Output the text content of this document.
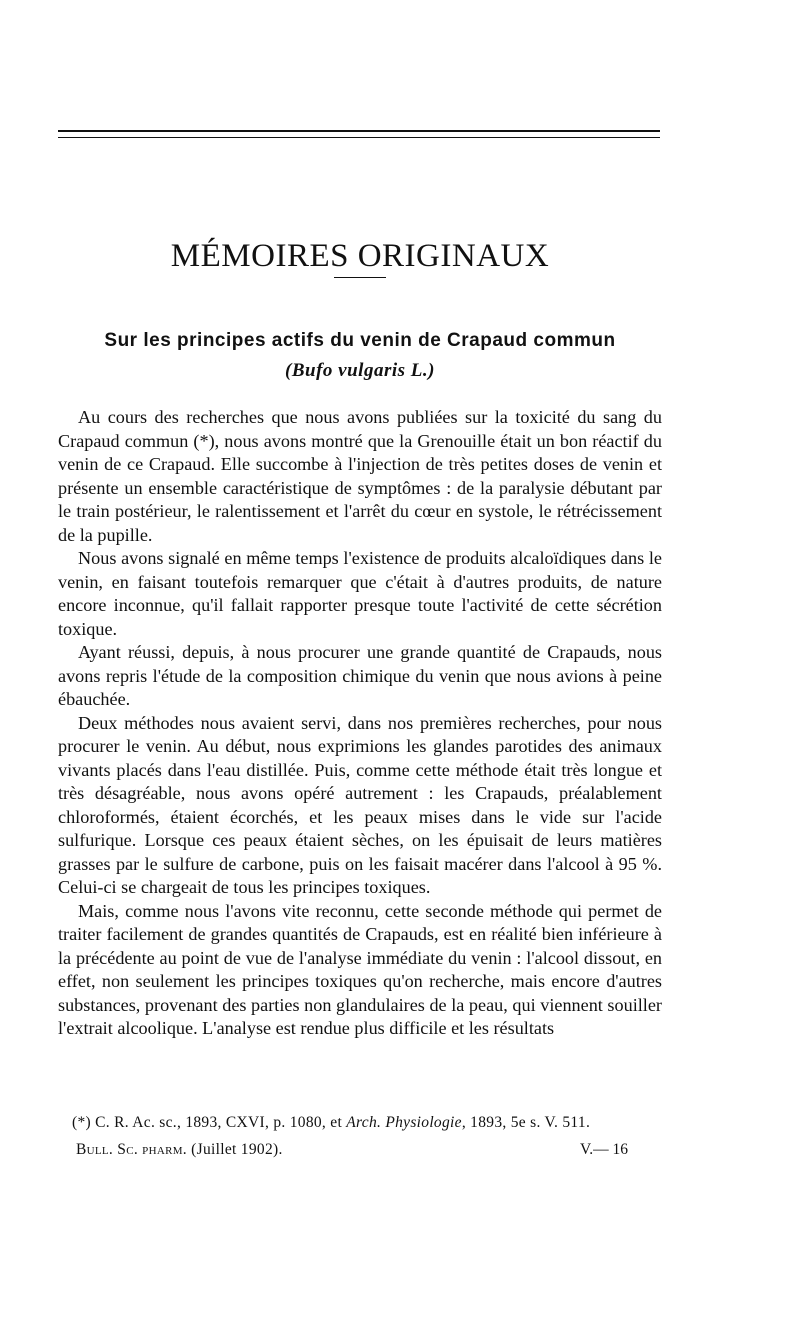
MÉMOIRES ORIGINAUX
Sur les principes actifs du venin de Crapaud commun
(Bufo vulgaris L.)

Au cours des recherches que nous avons publiées sur la toxicité du sang du Crapaud commun (*), nous avons montré que la Grenouille était un bon réactif du venin de ce Crapaud. Elle succombe à l'injection de très petites doses de venin et présente un ensemble caractéristique de symptômes : de la paralysie débutant par le train postérieur, le ralentissement et l'arrêt du cœur en systole, le rétrécissement de la pupille.

Nous avons signalé en même temps l'existence de produits alcaloïdiques dans le venin, en faisant toutefois remarquer que c'était à d'autres produits, de nature encore inconnue, qu'il fallait rapporter presque toute l'activité de cette sécrétion toxique.

Ayant réussi, depuis, à nous procurer une grande quantité de Crapauds, nous avons repris l'étude de la composition chimique du venin que nous avions à peine ébauchée.

Deux méthodes nous avaient servi, dans nos premières recherches, pour nous procurer le venin. Au début, nous exprimions les glandes parotides des animaux vivants placés dans l'eau distillée. Puis, comme cette méthode était très longue et très désagréable, nous avons opéré autrement : les Crapauds, préalablement chloroformés, étaient écorchés, et les peaux mises dans le vide sur l'acide sulfurique. Lorsque ces peaux étaient sèches, on les épuisait de leurs matières grasses par le sulfure de carbone, puis on les faisait macérer dans l'alcool à 95 %. Celui-ci se chargeait de tous les principes toxiques.

Mais, comme nous l'avons vite reconnu, cette seconde méthode qui permet de traiter facilement de grandes quantités de Crapauds, est en réalité bien inférieure à la précédente au point de vue de l'analyse immédiate du venin : l'alcool dissout, en effet, non seulement les principes toxiques qu'on recherche, mais encore d'autres substances, provenant des parties non glandulaires de la peau, qui viennent souiller l'extrait alcoolique. L'analyse est rendue plus difficile et les résultats

(*) C. R. Ac. sc., 1893, CXVI, p. 1080, et Arch. Physiologie, 1893, 5e s. V. 511.
Bull. Sc. pharm. (Juillet 1902).	V.— 16
